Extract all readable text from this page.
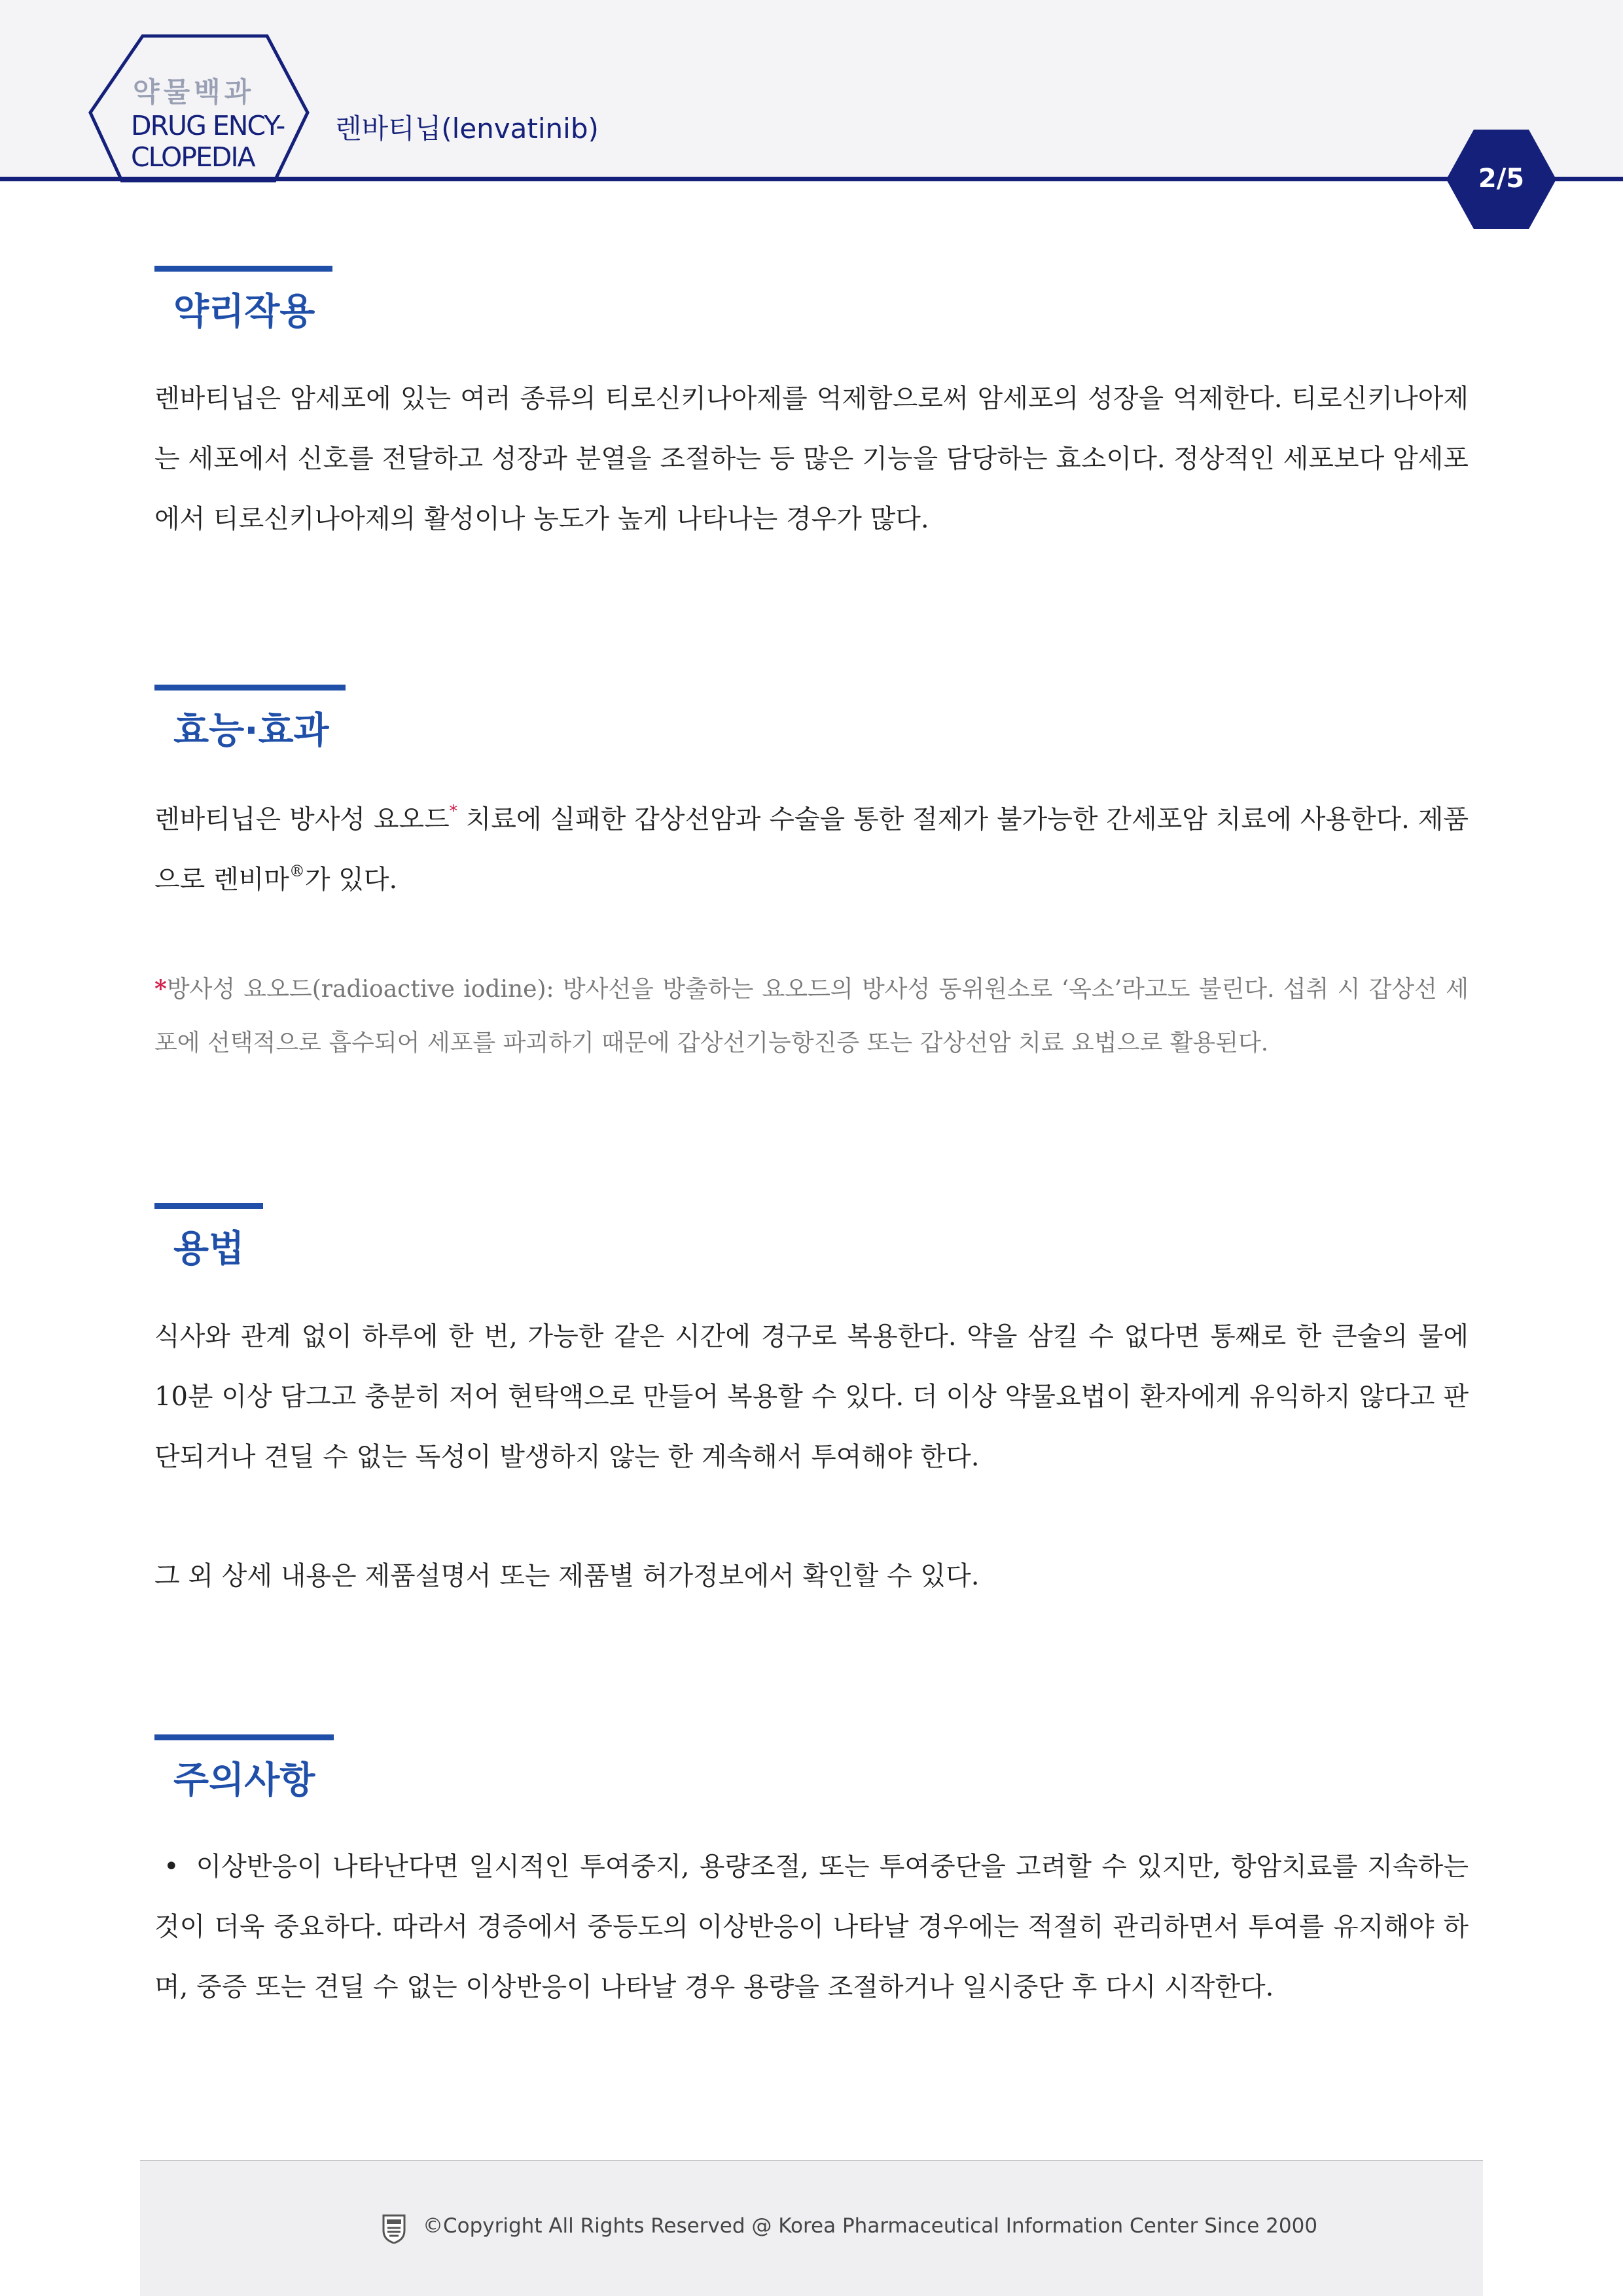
약물백과
DRUG ENCY-
CLOPEDIA
렌바티닙(lenvatinib)
2/5
약리작용
렌바티닙은 암세포에 있는 여러 종류의 티로신키나아제를 억제함으로써 암세포의 성장을 억제한다. 티로신키나아제는 세포에서 신호를 전달하고 성장과 분열을 조절하는 등 많은 기능을 담당하는 효소이다. 정상적인 세포보다 암세포에서 티로신키나아제의 활성이나 농도가 높게 나타나는 경우가 많다.
효능·효과
렌바티닙은 방사성 요오드* 치료에 실패한 갑상선암과 수술을 통한 절제가 불가능한 간세포암 치료에 사용한다. 제품으로 렌비마®가 있다.
*방사성 요오드(radioactive iodine): 방사선을 방출하는 요오드의 방사성 동위원소로 ‘옥소’라고도 불린다. 섭취 시 갑상선 세포에 선택적으로 흡수되어 세포를 파괴하기 때문에 갑상선기능항진증 또는 갑상선암 치료 요법으로 활용된다.
용법
식사와 관계 없이 하루에 한 번, 가능한 같은 시간에 경구로 복용한다. 약을 삼킬 수 없다면 통째로 한 큰술의 물에 10분 이상 담그고 충분히 저어 현탁액으로 만들어 복용할 수 있다. 더 이상 약물요법이 환자에게 유익하지 않다고 판단되거나 견딜 수 없는 독성이 발생하지 않는 한 계속해서 투여해야 한다.
그 외 상세 내용은 제품설명서 또는 제품별 허가정보에서 확인할 수 있다.
주의사항
• 이상반응이 나타난다면 일시적인 투여중지, 용량조절, 또는 투여중단을 고려할 수 있지만, 항암치료를 지속하는 것이 더욱 중요하다. 따라서 경증에서 중등도의 이상반응이 나타날 경우에는 적절히 관리하면서 투여를 유지해야 하며, 중증 또는 견딜 수 없는 이상반응이 나타날 경우 용량을 조절하거나 일시중단 후 다시 시작한다.
©Copyright All Rights Reserved @ Korea Pharmaceutical Information Center Since 2000
